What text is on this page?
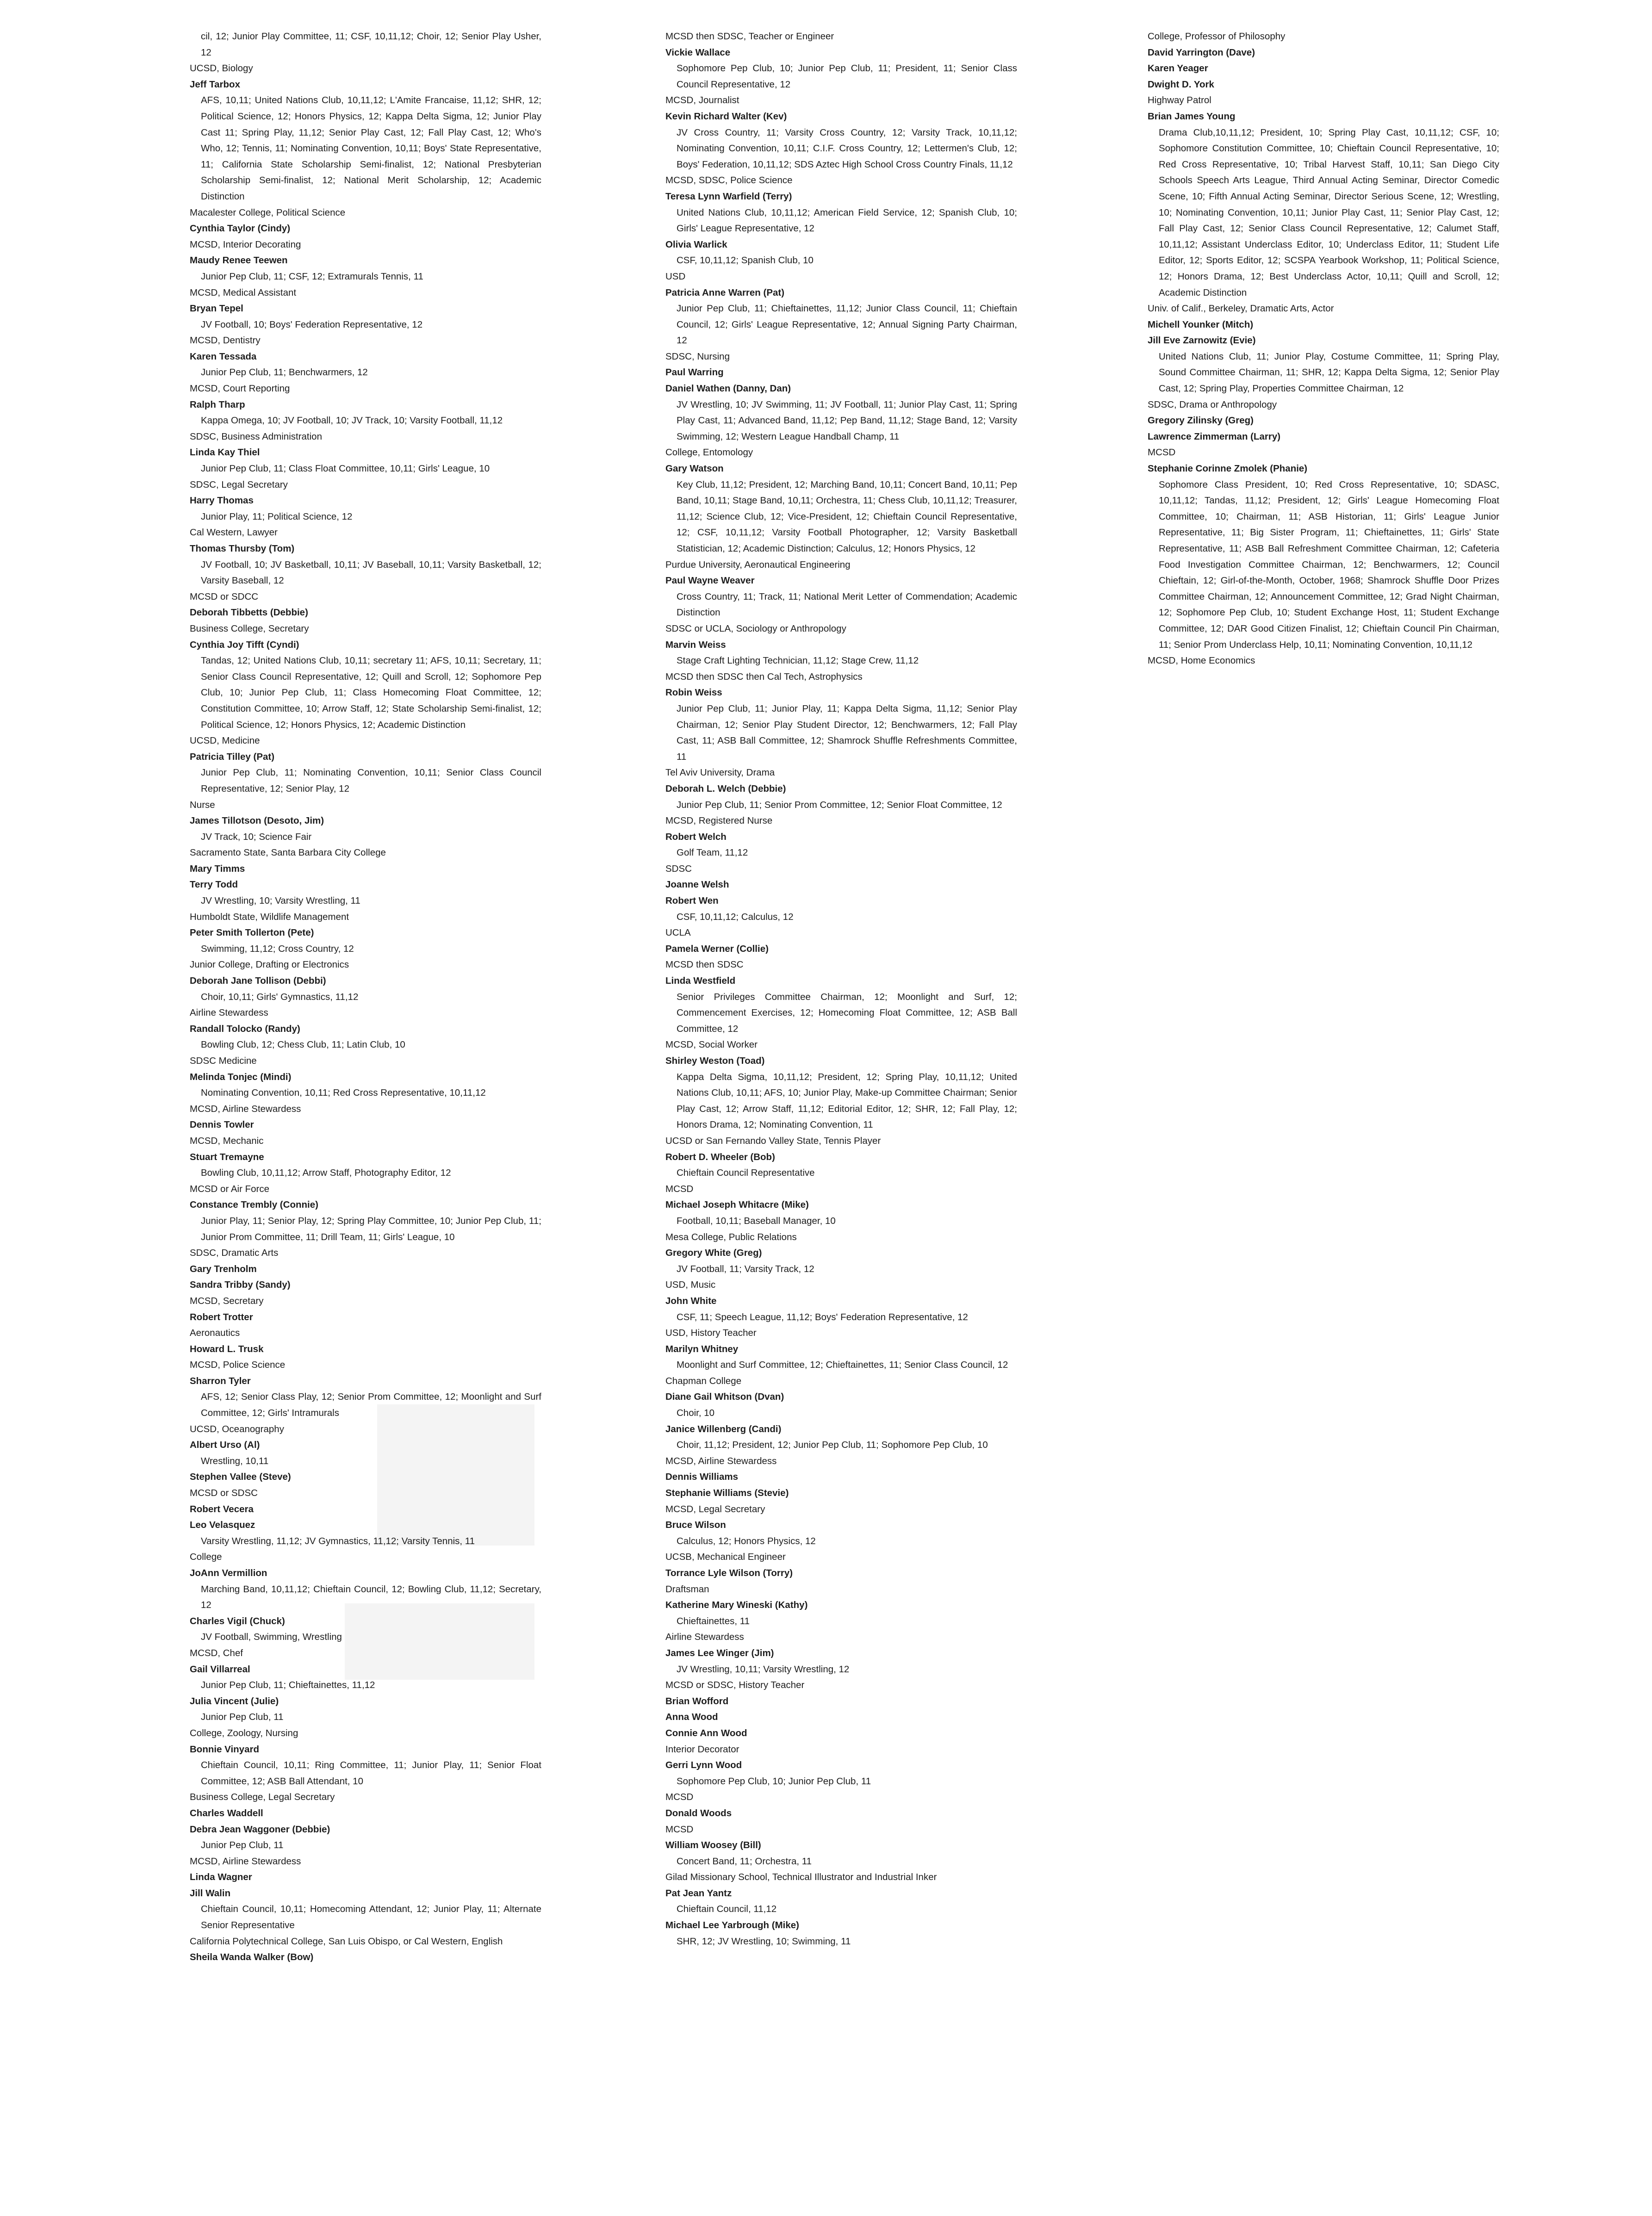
cil, 12; Junior Play Committee, 11; CSF, 10,11,12; Choir, 12; Senior Play Usher, 12
UCSD, Biology
Jeff Tarbox
AFS, 10,11; United Nations Club, 10,11,12; L'Amite Francaise, 11,12; SHR, 12; Political Science, 12; Honors Physics, 12; Kappa Delta Sigma, 12; Junior Play Cast 11; Spring Play, 11,12; Senior Play Cast, 12; Fall Play Cast, 12; Who's Who, 12; Tennis, 11; Nominating Convention, 10,11; Boys' State Representative, 11; California State Scholarship Semi-finalist, 12; National Presbyterian Scholarship Semi-finalist, 12; National Merit Scholarship, 12; Academic Distinction
Macalester College, Political Science
Cynthia Taylor (Cindy)
MCSD, Interior Decorating
Maudy Renee Teewen
Junior Pep Club, 11; CSF, 12; Extramurals Tennis, 11
MCSD, Medical Assistant
Bryan Tepel
JV Football, 10; Boys' Federation Representative, 12
MCSD, Dentistry
Karen Tessada
Junior Pep Club, 11; Benchwarmers, 12
MCSD, Court Reporting
Ralph Tharp
Kappa Omega, 10; JV Football, 10; JV Track, 10; Varsity Football, 11,12
SDSC, Business Administration
Linda Kay Thiel
Junior Pep Club, 11; Class Float Committee, 10,11; Girls' League, 10
SDSC, Legal Secretary
Harry Thomas
Junior Play, 11; Political Science, 12
Cal Western, Lawyer
Thomas Thursby (Tom)
JV Football, 10; JV Basketball, 10,11; JV Baseball, 10,11; Varsity Basketball, 12; Varsity Baseball, 12
MCSD or SDCC
Deborah Tibbetts (Debbie)
Business College, Secretary
Cynthia Joy Tifft (Cyndi)
Tandas, 12; United Nations Club, 10,11; secretary 11; AFS, 10,11; Secretary, 11; Senior Class Council Representative, 12; Quill and Scroll, 12; Sophomore Pep Club, 10; Junior Pep Club, 11; Class Homecoming Float Committee, 12; Constitution Committee, 10; Arrow Staff, 12; State Scholarship Semi-finalist, 12; Political Science, 12; Honors Physics, 12; Academic Distinction
UCSD, Medicine
Patricia Tilley (Pat)
Junior Pep Club, 11; Nominating Convention, 10,11; Senior Class Council Representative, 12; Senior Play, 12
Nurse
James Tillotson (Desoto, Jim)
JV Track, 10; Science Fair
Sacramento State, Santa Barbara City College
Mary Timms
Terry Todd
JV Wrestling, 10; Varsity Wrestling, 11
Humboldt State, Wildlife Management
Peter Smith Tollerton (Pete)
Swimming, 11,12; Cross Country, 12
Junior College, Drafting or Electronics
Deborah Jane Tollison (Debbi)
Choir, 10,11; Girls' Gymnastics, 11,12
Airline Stewardess
Randall Tolocko (Randy)
Bowling Club, 12; Chess Club, 11; Latin Club, 10
SDSC Medicine
Melinda Tonjec (Mindi)
Nominating Convention, 10,11; Red Cross Representative, 10,11,12
MCSD, Airline Stewardess
Dennis Towler
MCSD, Mechanic
Stuart Tremayne
Bowling Club, 10,11,12; Arrow Staff, Photography Editor, 12
MCSD or Air Force
Constance Trembly (Connie)
Junior Play, 11; Senior Play, 12; Spring Play Committee, 10; Junior Pep Club, 11; Junior Prom Committee, 11; Drill Team, 11; Girls' League, 10
SDSC, Dramatic Arts
Gary Trenholm
Sandra Tribby (Sandy)
MCSD, Secretary
Robert Trotter
Aeronautics
Howard L. Trusk
MCSD, Police Science
Sharron Tyler
AFS, 12; Senior Class Play, 12; Senior Prom Committee, 12; Moonlight and Surf Committee, 12; Girls' Intramurals
UCSD, Oceanography
Albert Urso (Al)
Wrestling, 10,11
Stephen Vallee (Steve)
MCSD or SDSC
Robert Vecera
Leo Velasquez
Varsity Wrestling, 11,12; JV Gymnastics, 11,12; Varsity Tennis, 11
College
JoAnn Vermillion
Marching Band, 10,11,12; Chieftain Council, 12; Bowling Club, 11,12; Secretary, 12
Charles Vigil (Chuck)
JV Football, Swimming, Wrestling
MCSD, Chef
Gail Villarreal
Junior Pep Club, 11; Chieftainettes, 11,12
Julia Vincent (Julie)
Junior Pep Club, 11
College, Zoology, Nursing
Bonnie Vinyard
Chieftain Council, 10,11; Ring Committee, 11; Junior Play, 11; Senior Float Committee, 12; ASB Ball Attendant, 10
Business College, Legal Secretary
Charles Waddell
Debra Jean Waggoner (Debbie)
Junior Pep Club, 11
MCSD, Airline Stewardess
Linda Wagner
Jill Walin
Chieftain Council, 10,11; Homecoming Attendant, 12; Junior Play, 11; Alternate Senior Representative
California Polytechnical College, San Luis Obispo, or Cal Western, English
Sheila Wanda Walker (Bow)
MCSD then SDSC, Teacher or Engineer
Vickie Wallace
Sophomore Pep Club, 10; Junior Pep Club, 11; President, 11; Senior Class Council Representative, 12
MCSD, Journalist
Kevin Richard Walter (Kev)
JV Cross Country, 11; Varsity Cross Country, 12; Varsity Track, 10,11,12; Nominating Convention, 10,11; C.I.F. Cross Country, 12; Lettermen's Club, 12; Boys' Federation, 10,11,12; SDS Aztec High School Cross Country Finals, 11,12
MCSD, SDSC, Police Science
Teresa Lynn Warfield (Terry)
United Nations Club, 10,11,12; American Field Service, 12; Spanish Club, 10; Girls' League Representative, 12
Olivia Warlick
CSF, 10,11,12; Spanish Club, 10
USD
Patricia Anne Warren (Pat)
Junior Pep Club, 11; Chieftainettes, 11,12; Junior Class Council, 11; Chieftain Council, 12; Girls' League Representative, 12; Annual Signing Party Chairman, 12
SDSC, Nursing
Paul Warring
Daniel Wathen (Danny, Dan)
JV Wrestling, 10; JV Swimming, 11; JV Football, 11; Junior Play Cast, 11; Spring Play Cast, 11; Advanced Band, 11,12; Pep Band, 11,12; Stage Band, 12; Varsity Swimming, 12; Western League Handball Champ, 11
College, Entomology
Gary Watson
Key Club, 11,12; President, 12; Marching Band, 10,11; Concert Band, 10,11; Pep Band, 10,11; Stage Band, 10,11; Orchestra, 11; Chess Club, 10,11,12; Treasurer, 11,12; Science Club, 12; Vice-President, 12; Chieftain Council Representative, 12; CSF, 10,11,12; Varsity Football Photographer, 12; Varsity Basketball Statistician, 12; Academic Distinction; Calculus, 12; Honors Physics, 12
Purdue University, Aeronautical Engineering
Paul Wayne Weaver
Cross Country, 11; Track, 11; National Merit Letter of Commendation; Academic Distinction
SDSC or UCLA, Sociology or Anthropology
Marvin Weiss
Stage Craft Lighting Technician, 11,12; Stage Crew, 11,12
MCSD then SDSC then Cal Tech, Astrophysics
Robin Weiss
Junior Pep Club, 11; Junior Play, 11; Kappa Delta Sigma, 11,12; Senior Play Chairman, 12; Senior Play Student Director, 12; Benchwarmers, 12; Fall Play Cast, 11; ASB Ball Committee, 12; Shamrock Shuffle Refreshments Committee, 11
Tel Aviv University, Drama
Deborah L. Welch (Debbie)
Junior Pep Club, 11; Senior Prom Committee, 12; Senior Float Committee, 12
MCSD, Registered Nurse
Robert Welch
Golf Team, 11,12
SDSC
Joanne Welsh
Robert Wen
CSF, 10,11,12; Calculus, 12
UCLA
Pamela Werner (Collie)
MCSD then SDSC
Linda Westfield
Senior Privileges Committee Chairman, 12; Moonlight and Surf, 12; Commencement Exercises, 12; Homecoming Float Committee, 12; ASB Ball Committee, 12
MCSD, Social Worker
Shirley Weston (Toad)
Kappa Delta Sigma, 10,11,12; President, 12; Spring Play, 10,11,12; United Nations Club, 10,11; AFS, 10; Junior Play, Make-up Committee Chairman; Senior Play Cast, 12; Arrow Staff, 11,12; Editorial Editor, 12; SHR, 12; Fall Play, 12; Honors Drama, 12; Nominating Convention, 11
UCSD or San Fernando Valley State, Tennis Player
Robert D. Wheeler (Bob)
Chieftain Council Representative
MCSD
Michael Joseph Whitacre (Mike)
Football, 10,11; Baseball Manager, 10
Mesa College, Public Relations
Gregory White (Greg)
JV Football, 11; Varsity Track, 12
USD, Music
John White
CSF, 11; Speech League, 11,12; Boys' Federation Representative, 12
USD, History Teacher
Marilyn Whitney
Moonlight and Surf Committee, 12; Chieftainettes, 11; Senior Class Council, 12
Chapman College
Diane Gail Whitson (Dvan)
Choir, 10
Janice Willenberg (Candi)
Choir, 11,12; President, 12; Junior Pep Club, 11; Sophomore Pep Club, 10
MCSD, Airline Stewardess
Dennis Williams
Stephanie Williams (Stevie)
MCSD, Legal Secretary
Bruce Wilson
Calculus, 12; Honors Physics, 12
UCSB, Mechanical Engineer
Torrance Lyle Wilson (Torry)
Draftsman
Katherine Mary Wineski (Kathy)
Chieftainettes, 11
Airline Stewardess
James Lee Winger (Jim)
JV Wrestling, 10,11; Varsity Wrestling, 12
MCSD or SDSC, History Teacher
Brian Wofford
Anna Wood
Connie Ann Wood
Interior Decorator
Gerri Lynn Wood
Sophomore Pep Club, 10; Junior Pep Club, 11
MCSD
Donald Woods
MCSD
William Woosey (Bill)
Concert Band, 11; Orchestra, 11
Gilad Missionary School, Technical Illustrator and Industrial Inker
Pat Jean Yantz
Chieftain Council, 11,12
Michael Lee Yarbrough (Mike)
SHR, 12; JV Wrestling, 10; Swimming, 11
College, Professor of Philosophy
David Yarrington (Dave)
Karen Yeager
Dwight D. York
Highway Patrol
Brian James Young
Drama Club,10,11,12; President, 10; Spring Play Cast, 10,11,12; CSF, 10; Sophomore Constitution Committee, 10; Chieftain Council Representative, 10; Red Cross Representative, 10; Tribal Harvest Staff, 10,11; San Diego City Schools Speech Arts League, Third Annual Acting Seminar, Director Comedic Scene, 10; Fifth Annual Acting Seminar, Director Serious Scene, 12; Wrestling, 10; Nominating Convention, 10,11; Junior Play Cast, 11; Senior Play Cast, 12; Fall Play Cast, 12; Senior Class Council Representative, 12; Calumet Staff, 10,11,12; Assistant Underclass Editor, 10; Underclass Editor, 11; Student Life Editor, 12; Sports Editor, 12; SCSPA Yearbook Workshop, 11; Political Science, 12; Honors Drama, 12; Best Underclass Actor, 10,11; Quill and Scroll, 12; Academic Distinction
Univ. of Calif., Berkeley, Dramatic Arts, Actor
Michell Younker (Mitch)
Jill Eve Zarnowitz (Evie)
United Nations Club, 11; Junior Play, Costume Committee, 11; Spring Play, Sound Committee Chairman, 11; SHR, 12; Kappa Delta Sigma, 12; Senior Play Cast, 12; Spring Play, Properties Committee Chairman, 12
SDSC, Drama or Anthropology
Gregory Zilinsky (Greg)
Lawrence Zimmerman (Larry)
MCSD
Stephanie Corinne Zmolek (Phanie)
Sophomore Class President, 10; Red Cross Representative, 10; SDASC, 10,11,12; Tandas, 11,12; President, 12; Girls' League Homecoming Float Committee, 10; Chairman, 11; ASB Historian, 11; Girls' League Junior Representative, 11; Big Sister Program, 11; Chieftainettes, 11; Girls' State Representative, 11; ASB Ball Refreshment Committee Chairman, 12; Cafeteria Food Investigation Committee Chairman, 12; Benchwarmers, 12; Council Chieftain, 12; Girl-of-the-Month, October, 1968; Shamrock Shuffle Door Prizes Committee Chairman, 12; Announcement Committee, 12; Grad Night Chairman, 12; Sophomore Pep Club, 10; Student Exchange Host, 11; Student Exchange Committee, 12; DAR Good Citizen Finalist, 12; Chieftain Council Pin Chairman, 11; Senior Prom Underclass Help, 10,11; Nominating Convention, 10,11,12
MCSD, Home Economics
